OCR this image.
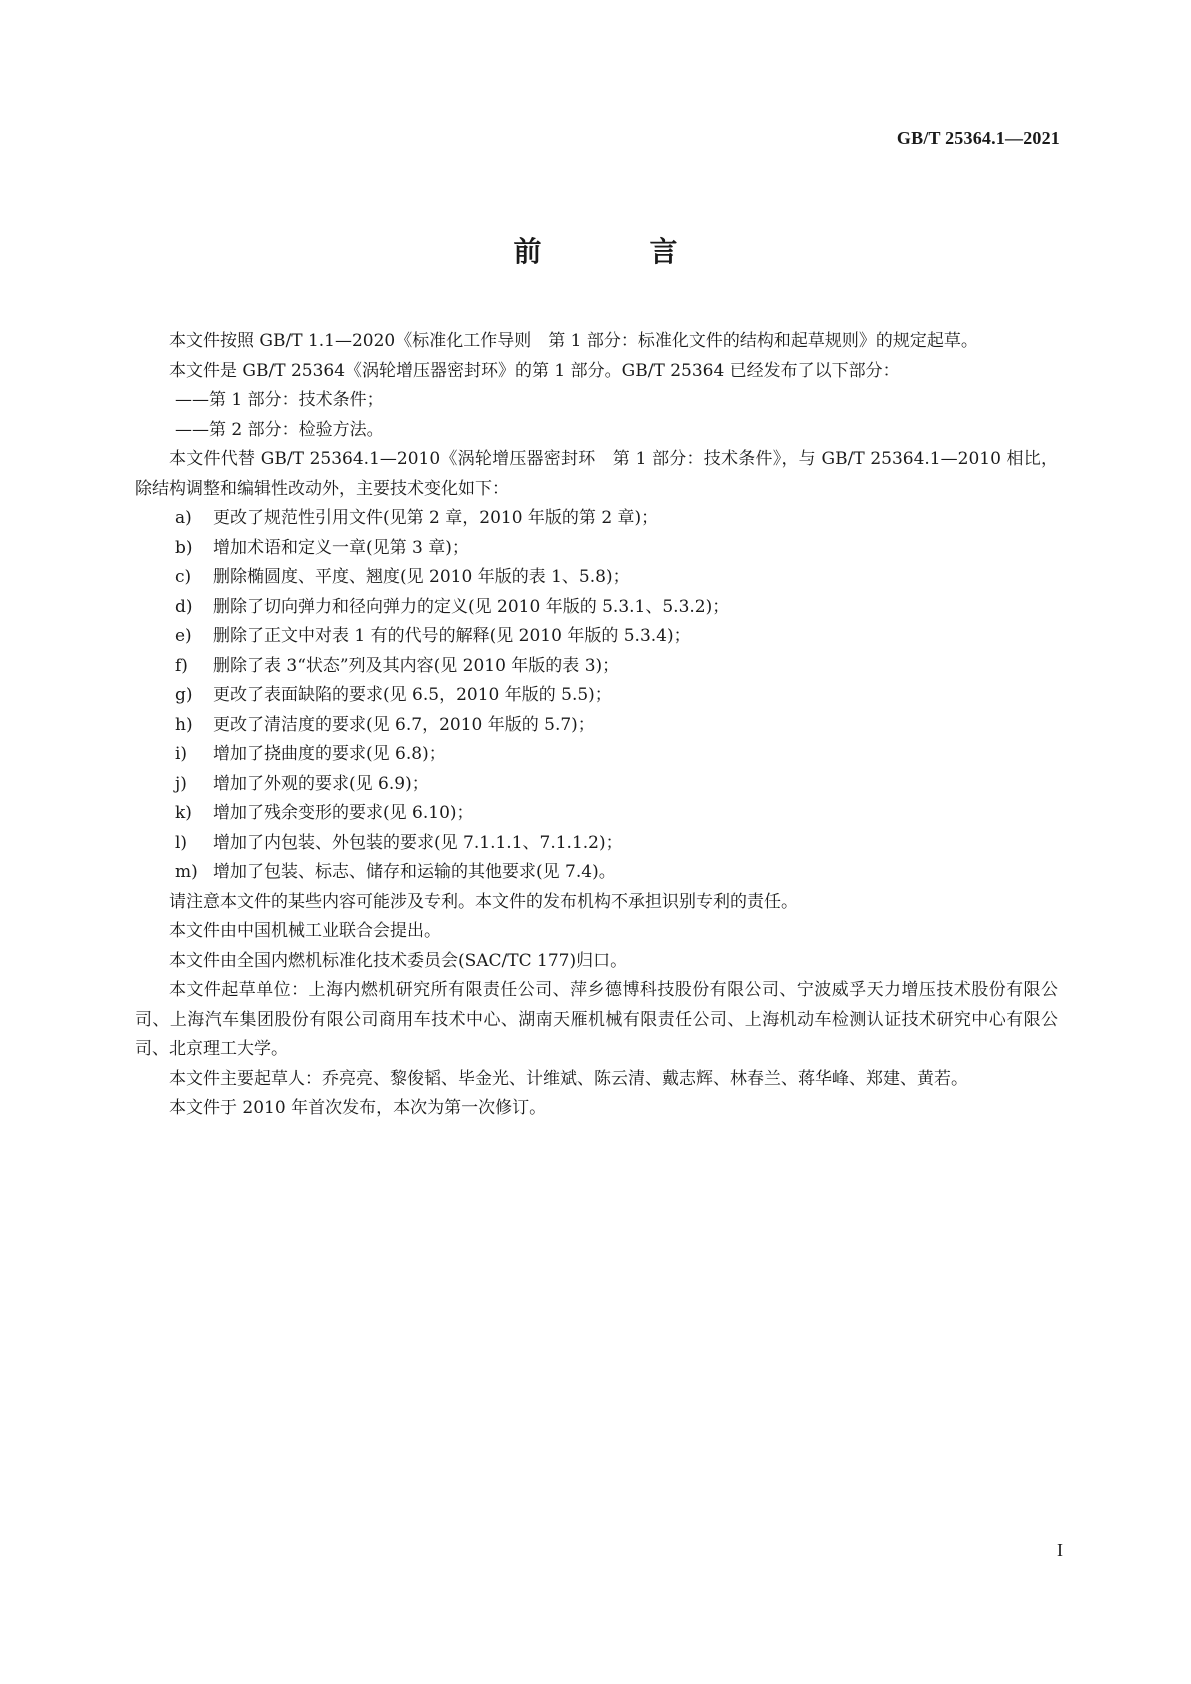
GB/T 25364.1—2021
前　言

本文件按照 GB/T 1.1—2020《标准化工作导则　第 1 部分：标准化文件的结构和起草规则》的规定起草。

本文件是 GB/T 25364《涡轮增压器密封环》的第 1 部分。GB/T 25364 已经发布了以下部分：

——第 1 部分：技术条件；

——第 2 部分：检验方法。

本文件代替 GB/T 25364.1—2010《涡轮增压器密封环　第 1 部分：技术条件》，与 GB/T 25364.1—2010 相比，除结构调整和编辑性改动外，主要技术变化如下：

a)	更改了规范性引用文件(见第 2 章，2010 年版的第 2 章)；

b)	增加术语和定义一章(见第 3 章)；

c)	删除椭圆度、平度、翘度(见 2010 年版的表 1、5.8)；

d)	删除了切向弹力和径向弹力的定义(见 2010 年版的 5.3.1、5.3.2)；

e)	删除了正文中对表 1 有的代号的解释(见 2010 年版的 5.3.4)；

f)	删除了表 3“状态”列及其内容(见 2010 年版的表 3)；

g)	更改了表面缺陷的要求(见 6.5，2010 年版的 5.5)；

h)	更改了清洁度的要求(见 6.7，2010 年版的 5.7)；

i)	增加了挠曲度的要求(见 6.8)；

j)	增加了外观的要求(见 6.9)；

k)	增加了残余变形的要求(见 6.10)；

l)	增加了内包装、外包装的要求(见 7.1.1.1、7.1.1.2)；

m) 增加了包装、标志、储存和运输的其他要求(见 7.4)。

请注意本文件的某些内容可能涉及专利。本文件的发布机构不承担识别专利的责任。

本文件由中国机械工业联合会提出。

本文件由全国内燃机标准化技术委员会(SAC/TC 177)归口。

本文件起草单位：上海内燃机研究所有限责任公司、萍乡德博科技股份有限公司、宁波威孚天力增压技术股份有限公司、上海汽车集团股份有限公司商用车技术中心、湖南天雁机械有限责任公司、上海机动车检测认证技术研究中心有限公司、北京理工大学。

本文件主要起草人：乔亮亮、黎俊韬、毕金光、计维斌、陈云清、戴志辉、林春兰、蒋华峰、郑建、黄若。

本文件于 2010 年首次发布，本次为第一次修订。

I
